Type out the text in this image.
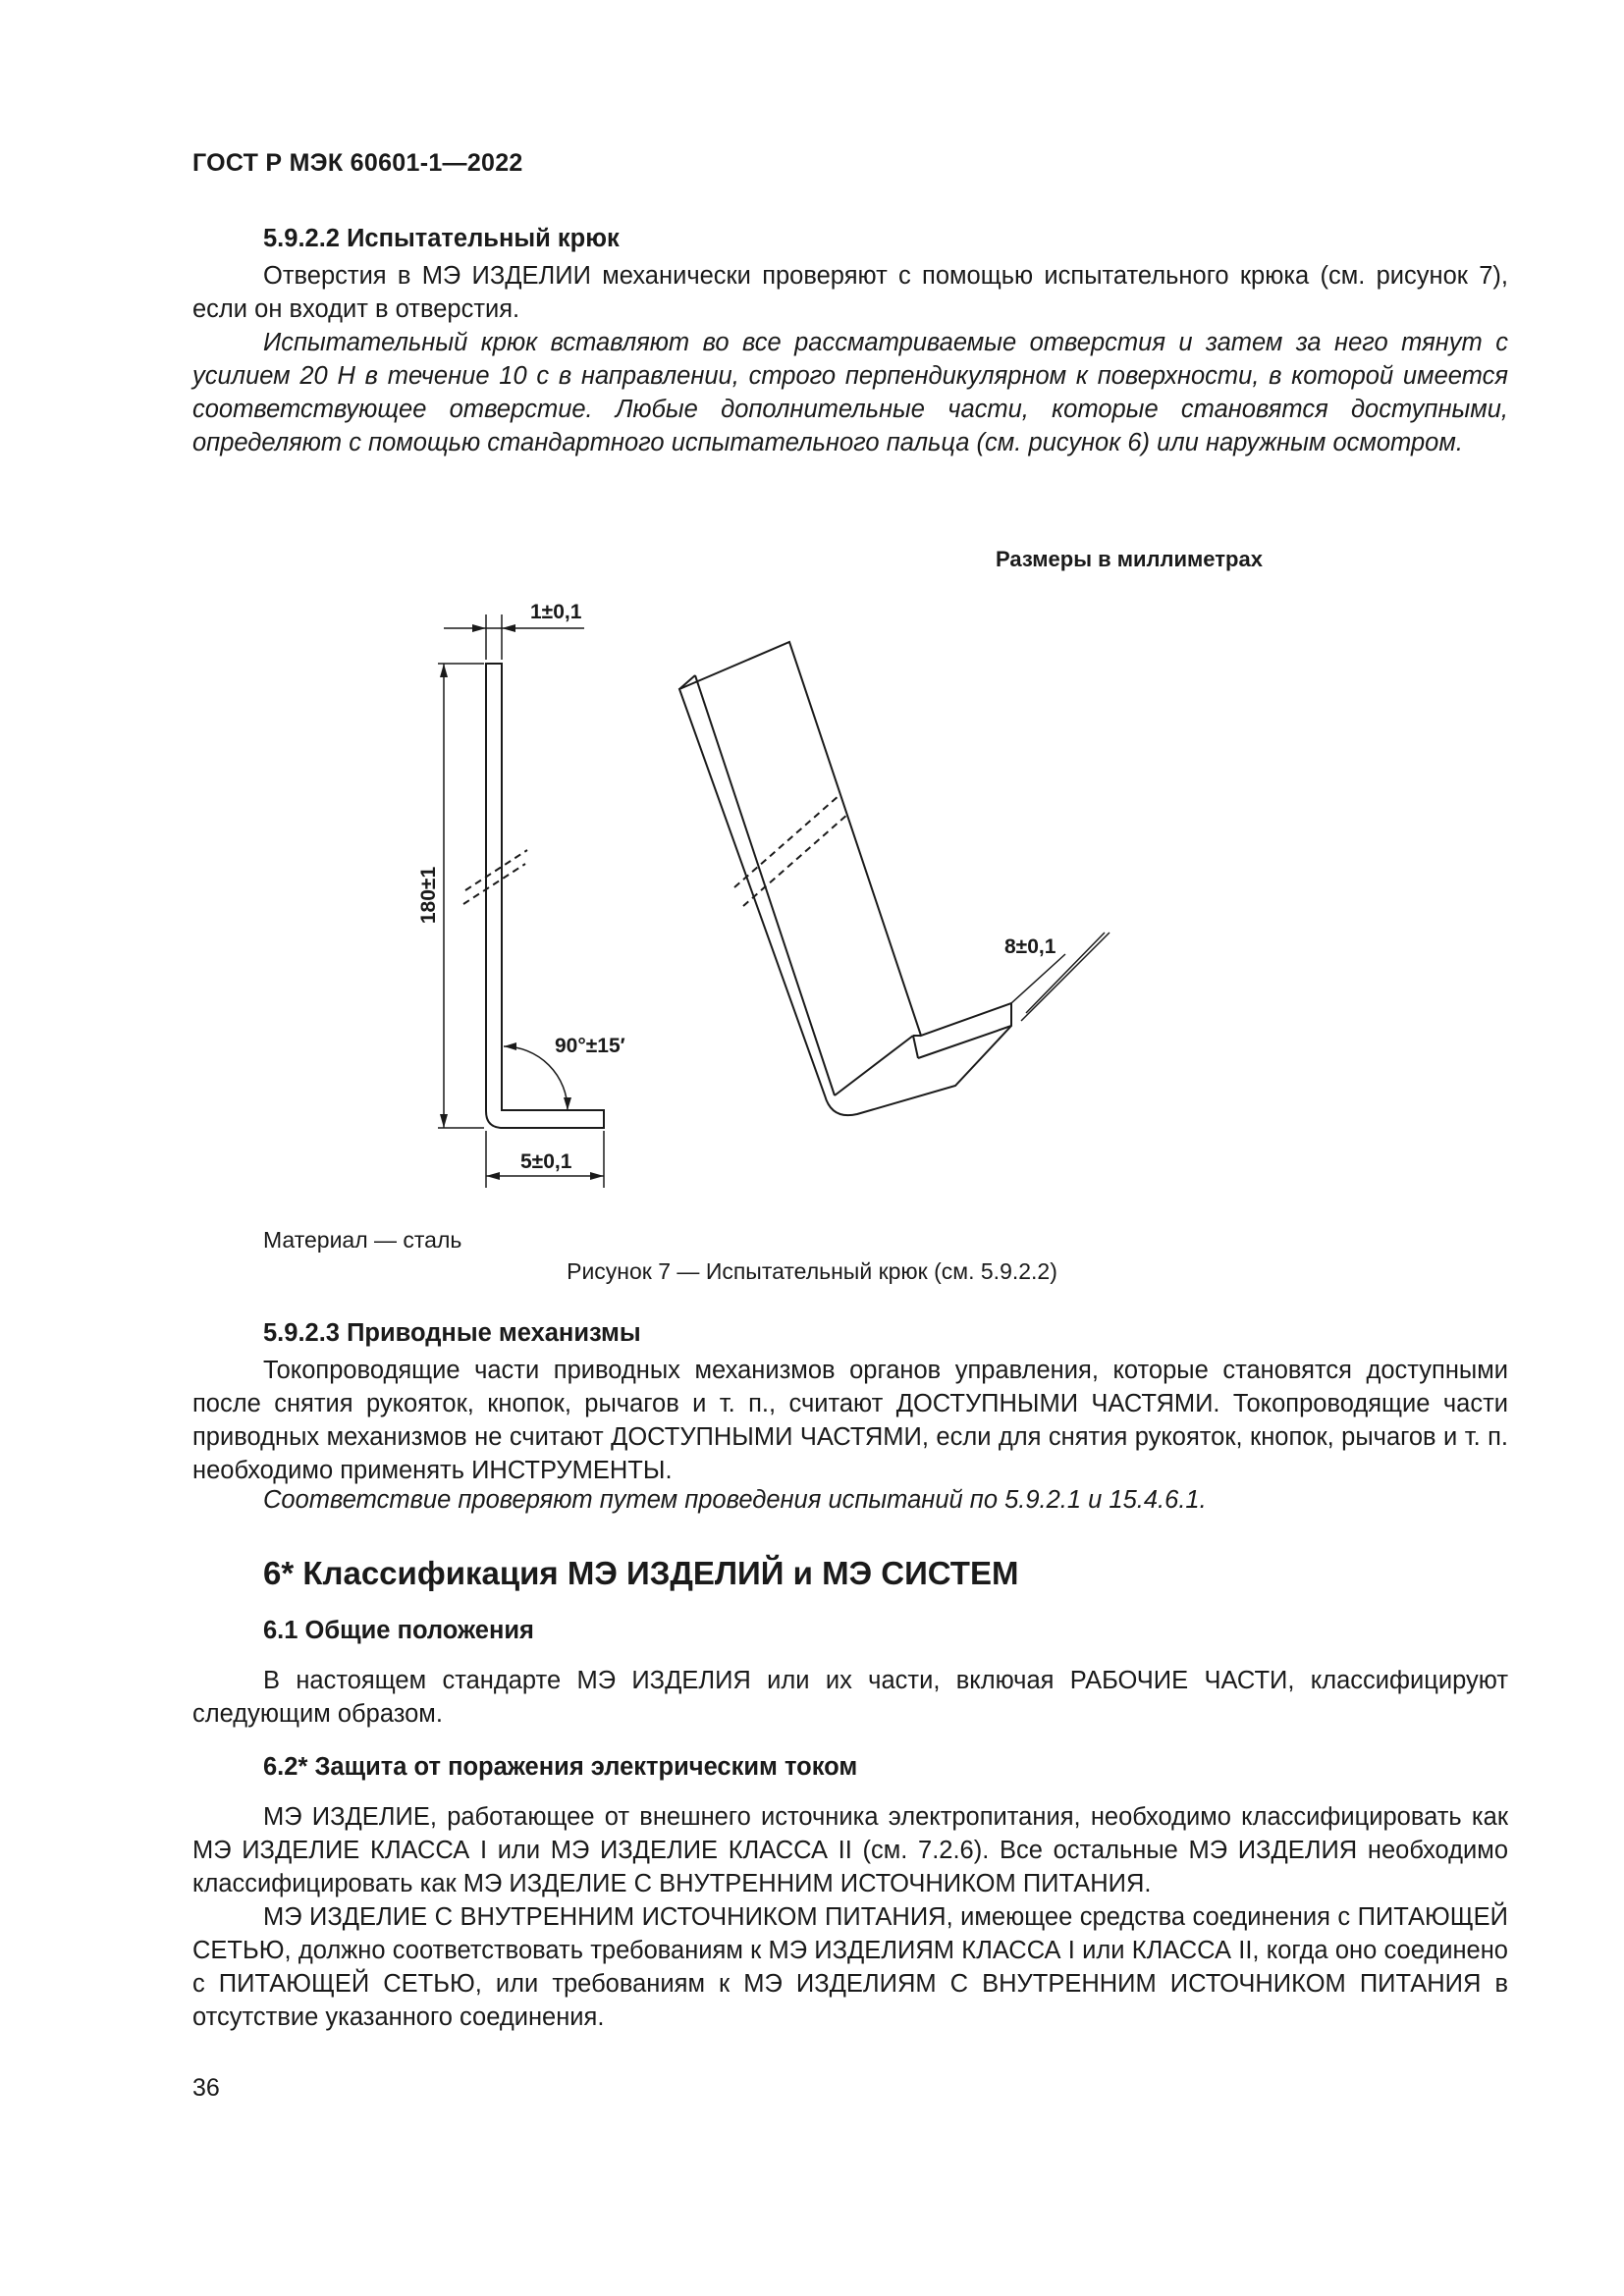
ГОСТ Р МЭК 60601-1—2022
5.9.2.2 Испытательный крюк

Отверстия в МЭ ИЗДЕЛИИ механически проверяют с помощью испытательного крюка (см. рисунок 7), если он входит в отверстия.

Испытательный крюк вставляют во все рассматриваемые отверстия и затем за него тянут с усилием 20 Н в течение 10 с в направлении, строго перпендикулярном к поверхности, в которой имеется соответствующее отверстие. Любые дополнительные части, которые становятся доступными, определяют с помощью стандартного испытательного пальца (см. рисунок 6) или наружным осмотром.

Размеры в миллиметрах
1±0,1
180±1
90°±15′
5±0,1
8±0,1
Материал — сталь
Рисунок 7 — Испытательный крюк (см. 5.9.2.2)
5.9.2.3 Приводные механизмы

Токопроводящие части приводных механизмов органов управления, которые становятся доступными после снятия рукояток, кнопок, рычагов и т. п., считают ДОСТУПНЫМИ ЧАСТЯМИ. Токопроводящие части приводных механизмов не считают ДОСТУПНЫМИ ЧАСТЯМИ, если для снятия рукояток, кнопок, рычагов и т. п. необходимо применять ИНСТРУМЕНТЫ.

Соответствие проверяют путем проведения испытаний по 5.9.2.1 и 15.4.6.1.

6* Классификация МЭ ИЗДЕЛИЙ и МЭ СИСТЕМ
6.1 Общие положения

В настоящем стандарте МЭ ИЗДЕЛИЯ или их части, включая РАБОЧИЕ ЧАСТИ, классифицируют следующим образом.

6.2* Защита от поражения электрическим током

МЭ ИЗДЕЛИЕ, работающее от внешнего источника электропитания, необходимо классифицировать как МЭ ИЗДЕЛИЕ КЛАССА I или МЭ ИЗДЕЛИЕ КЛАССА II (см. 7.2.6). Все остальные МЭ ИЗДЕЛИЯ необходимо классифицировать как МЭ ИЗДЕЛИЕ С ВНУТРЕННИМ ИСТОЧНИКОМ ПИТАНИЯ.

МЭ ИЗДЕЛИЕ С ВНУТРЕННИМ ИСТОЧНИКОМ ПИТАНИЯ, имеющее средства соединения с ПИТАЮЩЕЙ СЕТЬЮ, должно соответствовать требованиям к МЭ ИЗДЕЛИЯМ КЛАССА I или КЛАССА II, когда оно соединено с ПИТАЮЩЕЙ СЕТЬЮ, или требованиям к МЭ ИЗДЕЛИЯМ С ВНУТРЕННИМ ИСТОЧНИКОМ ПИТАНИЯ в отсутствие указанного соединения.

36
